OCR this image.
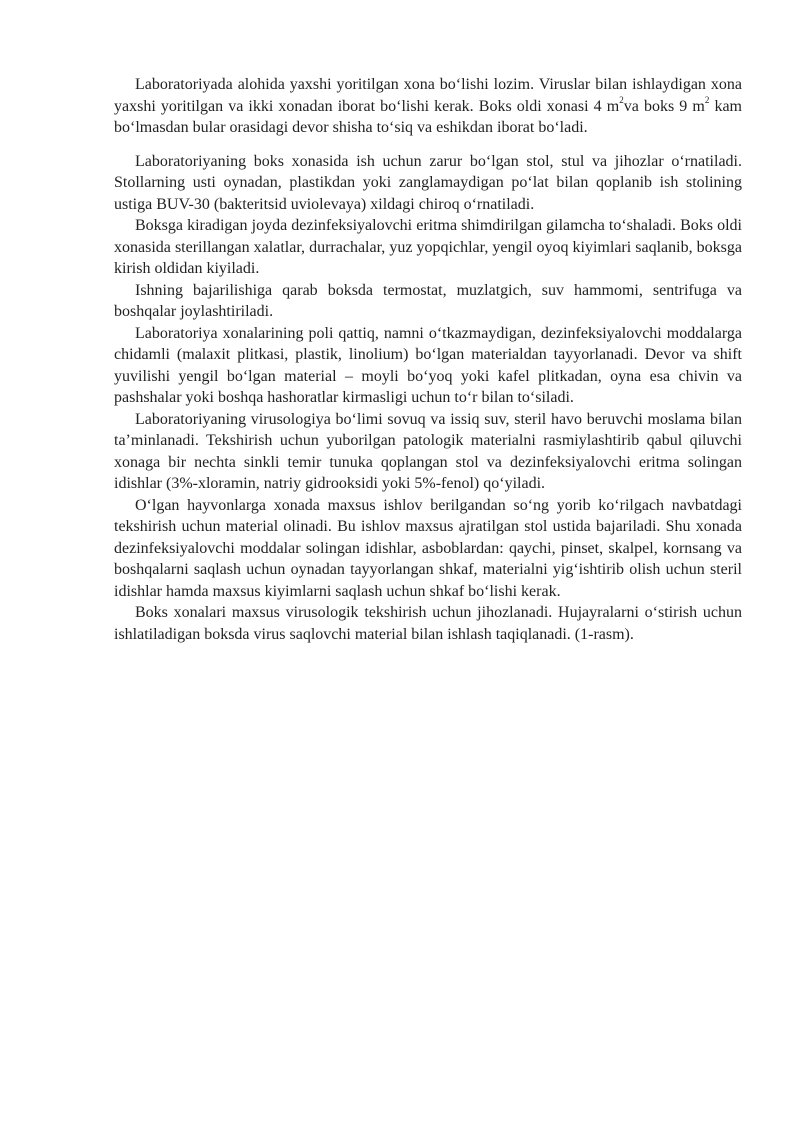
Laboratoriyada alohida yaxshi yoritilgan xona boʻlishi lozim. Viruslar bilan ishlaydigan xona yaxshi yoritilgan va ikki xonadan iborat boʻlishi kerak. Boks oldi xonasi 4 $m^2va$ boks 9 $m^2$ kam boʻlmasdan bular orasidagi devor shisha toʻsiq va eshikdan iborat boʻladi.

Laboratoriyaning boks xonasida ish uchun zarur boʻlgan stol, stul va jihozlar oʻrnatiladi. Stollarning usti oynadan, plastikdan yoki zanglamaydigan poʻlat bilan qoplanib ish stolining ustiga BUV-30 (bakteritsid uviolevaya) xildagi chiroq oʻrnatiladi.

Boksga kiradigan joyda dezinfeksiyalovchi eritma shimdirilgan gilamcha toʻshaladi. Boks oldi xonasida sterillangan xalatlar, durrachalar, yuz yopqichlar, yengil oyoq kiyimlari saqlanib, boksga kirish oldidan kiyiladi.

Ishning bajarilishiga qarab boksda termostat, muzlatgich, suv hammomi, sentrifuga va boshqalar joylashtiriladi.

Laboratoriya xonalarining poli qattiq, namni oʻtkazmaydigan, dezinfeksiyalovchi moddalarga chidamli (malaxit plitkasi, plastik, linolium) boʻlgan materialdan tayyorlanadi. Devor va shift yuvilishi yengil boʻlgan material – moyli boʻyoq yoki kafel plitkadan, oyna esa chivin va pashshalar yoki boshqa hashoratlar kirmasligi uchun toʻr bilan toʻsiladi.

Laboratoriyaning virusologiya boʻlimi sovuq va issiq suv, steril havo beruvchi moslama bilan taʼminlanadi. Tekshirish uchun yuborilgan patologik materialni rasmiylashtirib qabul qiluvchi xonaga bir nechta sinkli temir tunuka qoplangan stol va dezinfeksiyalovchi eritma solingan idishlar (3%-xloramin, natriy gidrooksidi yoki 5%-fenol) qoʻyiladi.

Oʻlgan hayvonlarga xonada maxsus ishlov berilgandan soʻng yorib koʻrilgach navbatdagi tekshirish uchun material olinadi. Bu ishlov maxsus ajratilgan stol ustida bajariladi. Shu xonada dezinfeksiyalovchi moddalar solingan idishlar, asboblardan: qaychi, pinset, skalpel, kornsang va boshqalarni saqlash uchun oynadan tayyorlangan shkaf, materialni yigʻishtirib olish uchun steril idishlar hamda maxsus kiyimlarni saqlash uchun shkaf boʻlishi kerak.

Boks xonalari maxsus virusologik tekshirish uchun jihozlanadi. Hujayralarni oʻstirish uchun ishlatiladigan boksda virus saqlovchi material bilan ishlash taqiqlanadi. (1-rasm).
